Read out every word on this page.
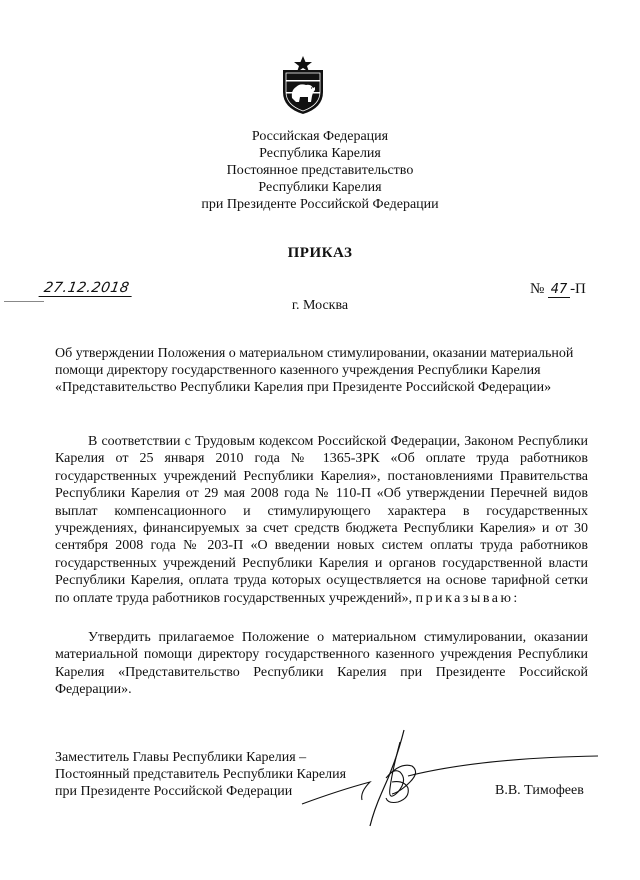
Российская Федерация
Республика Карелия
Постоянное представительство
Республики Карелия
при Президенте Российской Федерации
ПРИКАЗ
27.12.2018	№ 47 -П
г. Москва
Об утверждении Положения о материальном стимулировании, оказании материальной помощи директору государственного казенного учреждения Республики Карелия «Представительство Республики Карелия при Президенте Российской Федерации»
В соответствии с Трудовым кодексом Российской Федерации, Законом Республики Карелия от 25 января 2010 года № 1365-ЗРК «Об оплате труда работников государственных учреждений Республики Карелия», постановлениями Правительства Республики Карелия от 29 мая 2008 года № 110-П «Об утверждении Перечней видов выплат компенсационного и стимулирующего характера в государственных учреждениях, финансируемых за счет средств бюджета Республики Карелия» и от 30 сентября 2008 года № 203-П «О введении новых систем оплаты труда работников государственных учреждений Республики Карелия и органов государственной власти Республики Карелия, оплата труда которых осуществляется на основе тарифной сетки по оплате труда работников государственных учреждений», приказываю:
Утвердить прилагаемое Положение о материальном стимулировании, оказании материальной помощи директору государственного казенного учреждения Республики Карелия «Представительство Республики Карелия при Президенте Российской Федерации».
Заместитель Главы Республики Карелия –
Постоянный представитель Республики Карелия
при Президенте Российской Федерации	В.В. Тимофеев
